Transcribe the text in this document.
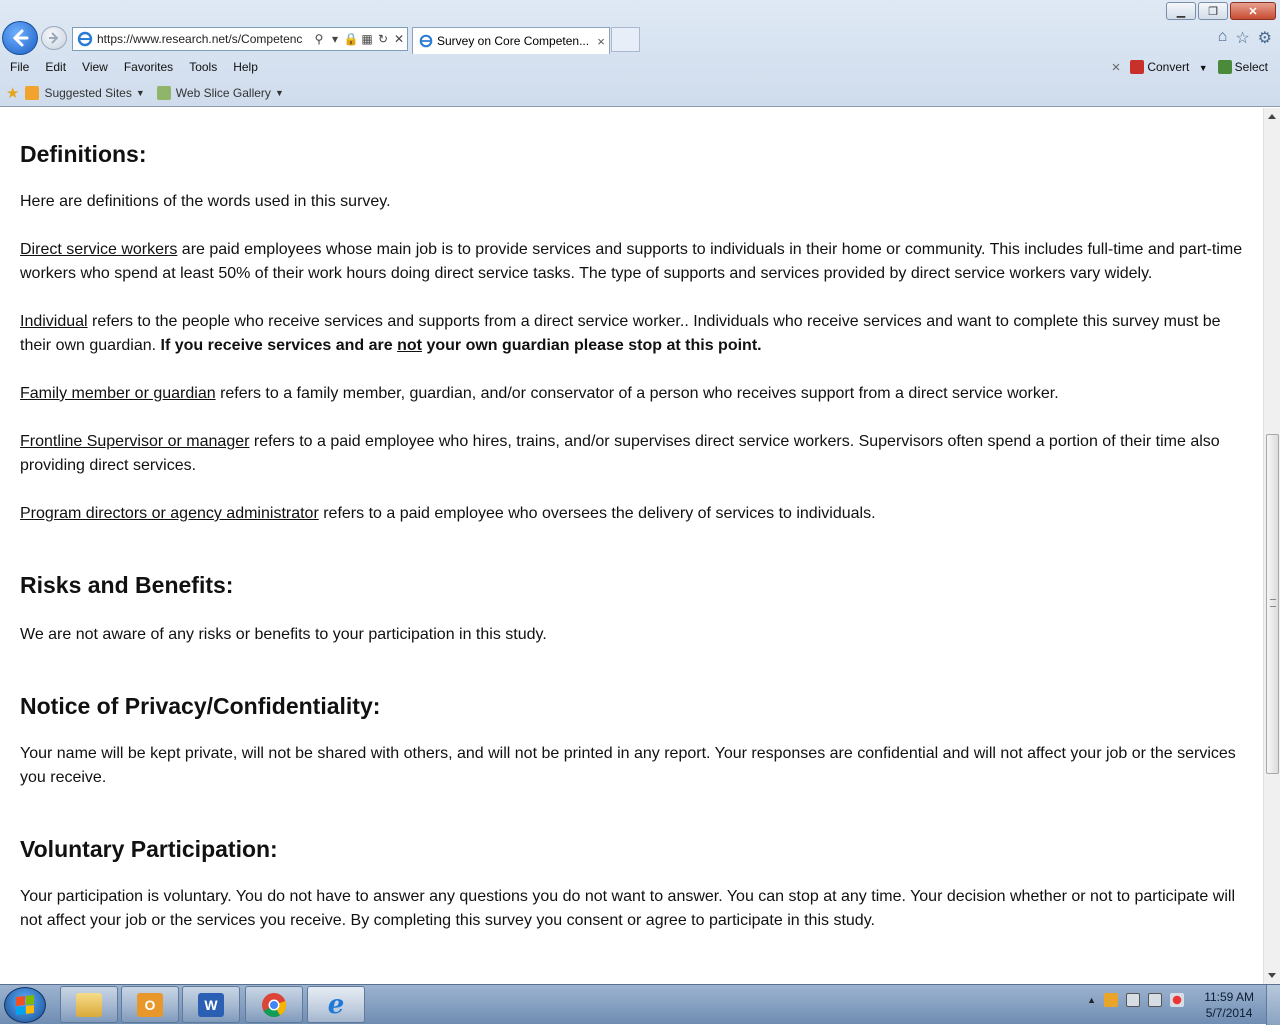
https://www.research.net/s/Competenc	⚲ ▾ 🔒 ▦ ↻ ✕	Survey on Core Competen... ×
▁	❐	✕
⌂ ☆ ⚙
File	Edit	View	Favorites	Tools	Help	×	Convert ▼	Select
★ Suggested Sites ▼	Web Slice Gallery ▼
Definitions:

Here are definitions of the words used in this survey.

Direct service workers are paid employees whose main job is to provide services and supports to individuals in their home or community. This includes full-time and part-time workers who spend at least 50% of their work hours doing direct service tasks. The type of supports and services provided by direct service workers vary widely.

Individual refers to the people who receive services and supports from a direct service worker.. Individuals who receive services and want to complete this survey must be their own guardian. If you receive services and are not your own guardian please stop at this point.

Family member or guardian refers to a family member, guardian, and/or conservator of a person who receives support from a direct service worker.

Frontline Supervisor or manager refers to a paid employee who hires, trains, and/or supervises direct service workers. Supervisors often spend a portion of their time also providing direct services.

Program directors or agency administrator refers to a paid employee who oversees the delivery of services to individuals.

Risks and Benefits:

We are not aware of any risks or benefits to your participation in this study.

Notice of Privacy/Confidentiality:

Your name will be kept private, will not be shared with others, and will not be printed in any report. Your responses are confidential and will not affect your job or the services you receive.

Voluntary Participation:

Your participation is voluntary. You do not have to answer any questions you do not want to answer. You can stop at any time. Your decision whether or not to participate will not affect your job or the services you receive. By completing this survey you consent or agree to participate in this study.

O	W	e	▲	11:59 AM
5/7/2014
